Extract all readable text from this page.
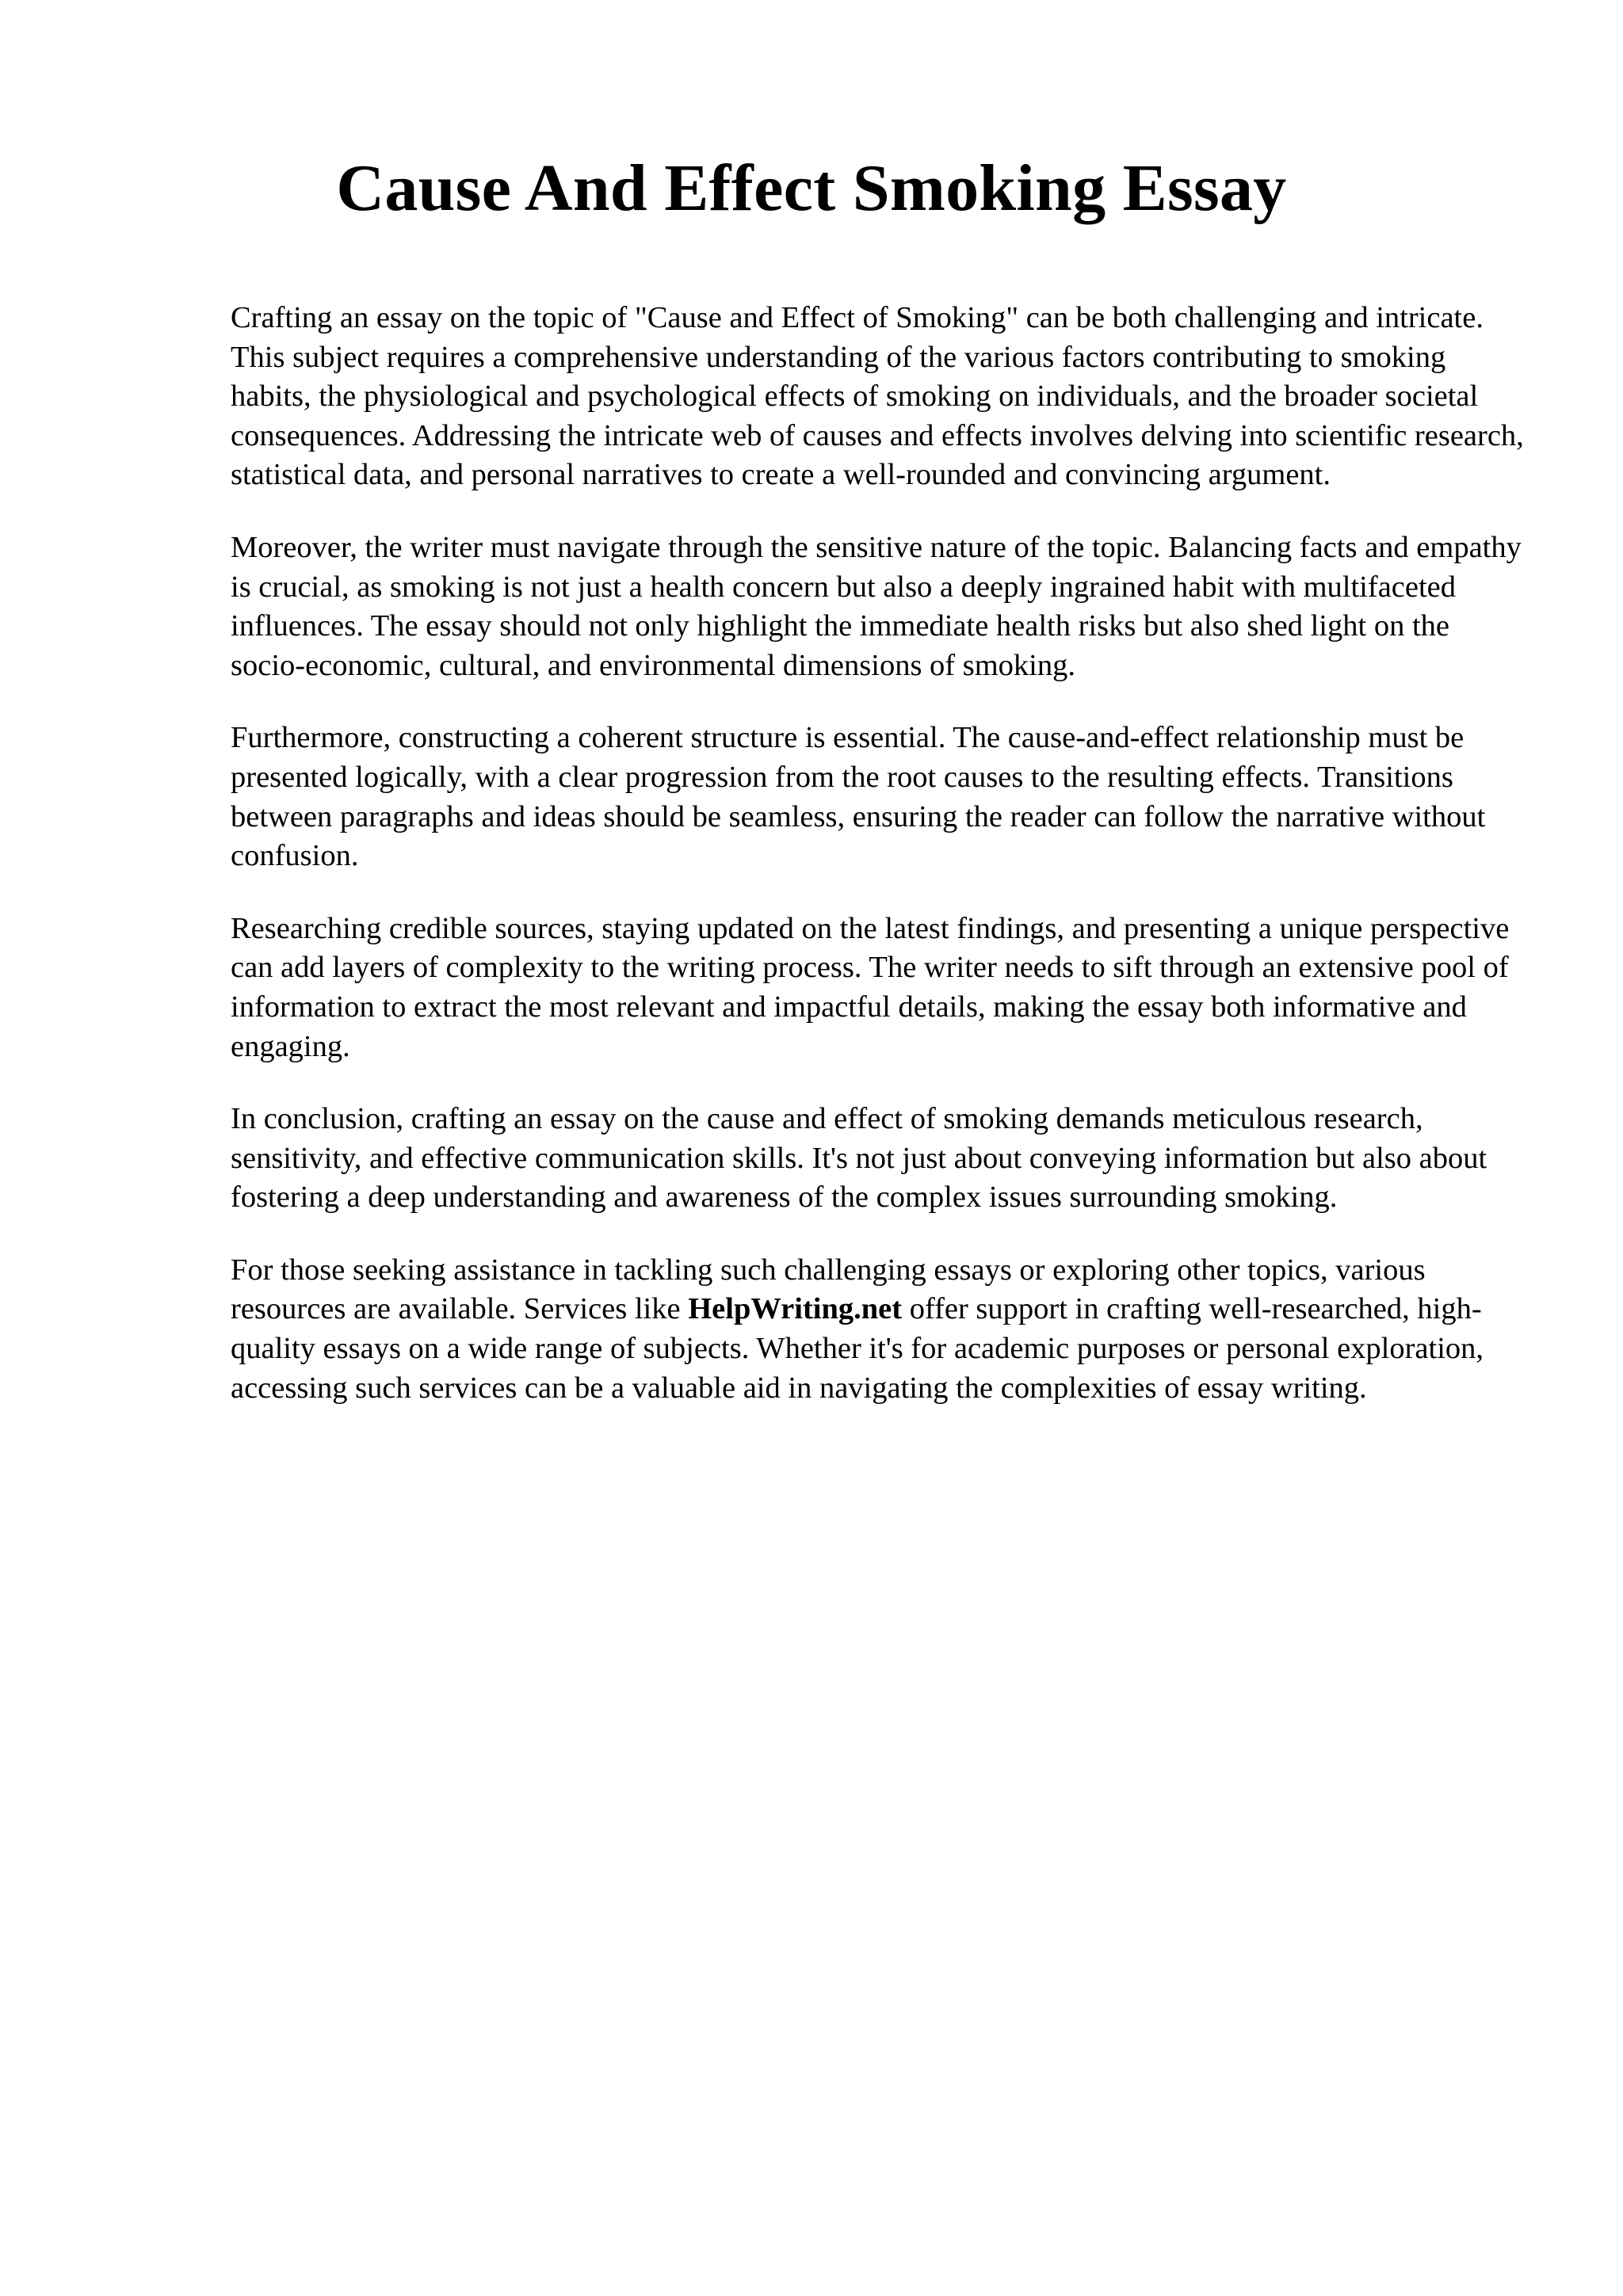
Cause And Effect Smoking Essay

Crafting an essay on the topic of "Cause and Effect of Smoking" can be both challenging and intricate. This subject requires a comprehensive understanding of the various factors contributing to smoking habits, the physiological and psychological effects of smoking on individuals, and the broader societal consequences. Addressing the intricate web of causes and effects involves delving into scientific research, statistical data, and personal narratives to create a well-rounded and convincing argument.

Moreover, the writer must navigate through the sensitive nature of the topic. Balancing facts and empathy is crucial, as smoking is not just a health concern but also a deeply ingrained habit with multifaceted influences. The essay should not only highlight the immediate health risks but also shed light on the socio-economic, cultural, and environmental dimensions of smoking.

Furthermore, constructing a coherent structure is essential. The cause-and-effect relationship must be presented logically, with a clear progression from the root causes to the resulting effects. Transitions between paragraphs and ideas should be seamless, ensuring the reader can follow the narrative without confusion.

Researching credible sources, staying updated on the latest findings, and presenting a unique perspective can add layers of complexity to the writing process. The writer needs to sift through an extensive pool of information to extract the most relevant and impactful details, making the essay both informative and engaging.

In conclusion, crafting an essay on the cause and effect of smoking demands meticulous research, sensitivity, and effective communication skills. It's not just about conveying information but also about fostering a deep understanding and awareness of the complex issues surrounding smoking.

For those seeking assistance in tackling such challenging essays or exploring other topics, various resources are available. Services like HelpWriting.net offer support in crafting well-researched, high-quality essays on a wide range of subjects. Whether it's for academic purposes or personal exploration, accessing such services can be a valuable aid in navigating the complexities of essay writing.
